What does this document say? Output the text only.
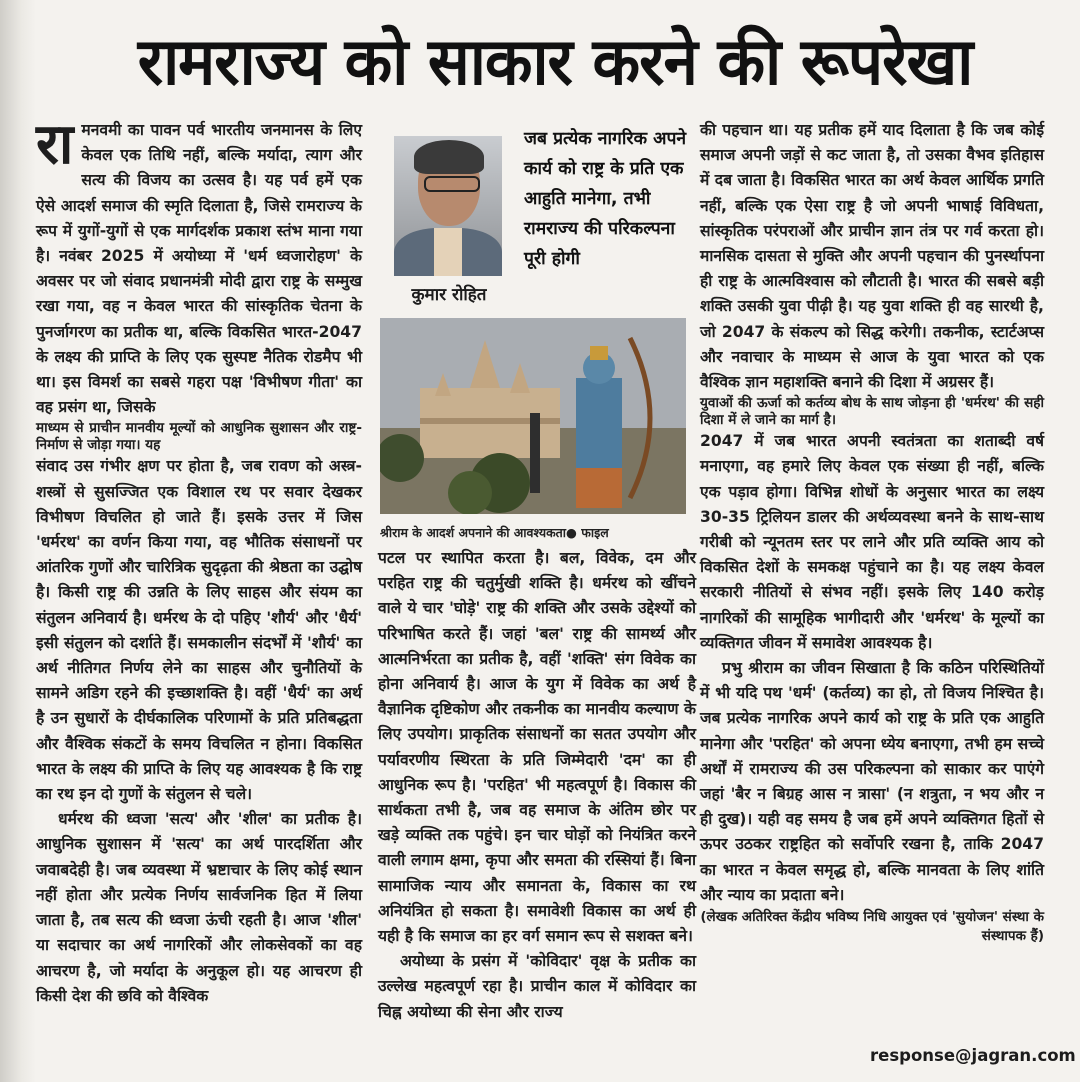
रामराज्य को साकार करने की रूपरेखा

रामनवमी का पावन पर्व भारतीय जनमानस के लिए केवल एक तिथि नहीं, बल्कि मर्यादा, त्याग और सत्य की विजय का उत्सव है। यह पर्व हमें एक ऐसे आदर्श समाज की स्मृति दिलाता है, जिसे रामराज्य के रूप में युगों-युगों से एक मार्गदर्शक प्रकाश स्तंभ माना गया है। नवंबर 2025 में अयोध्या में 'धर्म ध्वजारोहण' के अवसर पर जो संवाद प्रधानमंत्री मोदी द्वारा राष्ट्र के सम्मुख रखा गया, वह न केवल भारत की सांस्कृतिक चेतना के पुनर्जागरण का प्रतीक था, बल्कि विकसित भारत-2047 के लक्ष्य की प्राप्ति के लिए एक सुस्पष्ट नैतिक रोडमैप भी था। इस विमर्श का सबसे गहरा पक्ष 'विभीषण गीता' का वह प्रसंग था, जिसके
माध्यम से प्राचीन मानवीय मूल्यों को आधुनिक सुशासन और राष्ट्र-निर्माण से जोड़ा गया। यह
संवाद उस गंभीर क्षण पर होता है, जब रावण को अस्त्र-शस्त्रों से सुसज्जित एक विशाल रथ पर सवार देखकर विभीषण विचलित हो जाते हैं। इसके उत्तर में जिस 'धर्मरथ' का वर्णन किया गया, वह भौतिक संसाधनों पर आंतरिक गुणों और चारित्रिक सुदृढ़ता की श्रेष्ठता का उद्घोष है। किसी राष्ट्र की उन्नति के लिए साहस और संयम का संतुलन अनिवार्य है। धर्मरथ के दो पहिए 'शौर्य' और 'धैर्य' इसी संतुलन को दर्शाते हैं। समकालीन संदर्भों में 'शौर्य' का अर्थ नीतिगत निर्णय लेने का साहस और चुनौतियों के सामने अडिग रहने की इच्छाशक्ति है। वहीं 'धैर्य' का अर्थ है उन सुधारों के दीर्घकालिक परिणामों के प्रति प्रतिबद्धता और वैश्विक संकटों के समय विचलित न होना। विकसित भारत के लक्ष्य की प्राप्ति के लिए यह आवश्यक है कि राष्ट्र का रथ इन दो गुणों के संतुलन से चले।

धर्मरथ की ध्वजा 'सत्य' और 'शील' का प्रतीक है। आधुनिक सुशासन में 'सत्य' का अर्थ पारदर्शिता और जवाबदेही है। जब व्यवस्था में भ्रष्टाचार के लिए कोई स्थान नहीं होता और प्रत्येक निर्णय सार्वजनिक हित में लिया जाता है, तब सत्य की ध्वजा ऊंची रहती है। आज 'शील' या सदाचार का अर्थ नागरिकों और लोकसेवकों का वह आचरण है, जो मर्यादा के अनुकूल हो। यह आचरण ही किसी देश की छवि को वैश्विक

कुमार रोहित
जब प्रत्येक नागरिक अपने कार्य को राष्ट्र के प्रति एक आहुति मानेगा, तभी रामराज्य की परिकल्पना पूरी होगी
श्रीराम के आदर्श अपनाने की आवश्यकता● फाइल

पटल पर स्थापित करता है। बल, विवेक, दम और परहित राष्ट्र की चतुर्मुखी शक्ति है। धर्मरथ को खींचने वाले ये चार 'घोड़े' राष्ट्र की शक्ति और उसके उद्देश्यों को परिभाषित करते हैं। जहां 'बल' राष्ट्र की सामर्थ्य और आत्मनिर्भरता का प्रतीक है, वहीं 'शक्ति' संग विवेक का होना अनिवार्य है। आज के युग में विवेक का अर्थ है वैज्ञानिक दृष्टिकोण और तकनीक का मानवीय कल्याण के लिए उपयोग। प्राकृतिक संसाधनों का सतत उपयोग और पर्यावरणीय स्थिरता के प्रति जिम्मेदारी 'दम' का ही आधुनिक रूप है। 'परहित' भी महत्वपूर्ण है। विकास की सार्थकता तभी है, जब वह समाज के अंतिम छोर पर खड़े व्यक्ति तक पहुंचे। इन चार घोड़ों को नियंत्रित करने वाली लगाम क्षमा, कृपा और समता की रस्सियां हैं। बिना सामाजिक न्याय और समानता के, विकास का रथ अनियंत्रित हो सकता है। समावेशी विकास का अर्थ ही यही है कि समाज का हर वर्ग समान रूप से सशक्त बने।

अयोध्या के प्रसंग में 'कोविदार' वृक्ष के प्रतीक का उल्लेख महत्वपूर्ण रहा है। प्राचीन काल में कोविदार का चिह्न अयोध्या की सेना और राज्य

की पहचान था। यह प्रतीक हमें याद दिलाता है कि जब कोई समाज अपनी जड़ों से कट जाता है, तो उसका वैभव इतिहास में दब जाता है। विकसित भारत का अर्थ केवल आर्थिक प्रगति नहीं, बल्कि एक ऐसा राष्ट्र है जो अपनी भाषाई विविधता, सांस्कृतिक परंपराओं और प्राचीन ज्ञान तंत्र पर गर्व करता हो। मानसिक दासता से मुक्ति और अपनी पहचान की पुनर्स्थापना ही राष्ट्र के आत्मविश्वास को लौटाती है। भारत की सबसे बड़ी शक्ति उसकी युवा पीढ़ी है। यह युवा शक्ति ही वह सारथी है, जो 2047 के संकल्प को सिद्ध करेगी। तकनीक, स्टार्टअप्स और नवाचार के माध्यम से आज के युवा भारत को एक वैश्विक ज्ञान महाशक्ति बनाने की दिशा में अग्रसर हैं।
युवाओं की ऊर्जा को कर्तव्य बोध के साथ जोड़ना ही 'धर्मरथ' की सही दिशा में ले जाने का मार्ग है।
2047 में जब भारत अपनी स्वतंत्रता का शताब्दी वर्ष मनाएगा, वह हमारे लिए केवल एक संख्या ही नहीं, बल्कि एक पड़ाव होगा। विभिन्न शोधों के अनुसार भारत का लक्ष्य 30-35 ट्रिलियन डालर की अर्थव्यवस्था बनने के साथ-साथ गरीबी को न्यूनतम स्तर पर लाने और प्रति व्यक्ति आय को विकसित देशों के समकक्ष पहुंचाने का है। यह लक्ष्य केवल सरकारी नीतियों से संभव नहीं। इसके लिए 140 करोड़ नागरिकों की सामूहिक भागीदारी और 'धर्मरथ' के मूल्यों का व्यक्तिगत जीवन में समावेश आवश्यक है।

प्रभु श्रीराम का जीवन सिखाता है कि कठिन परिस्थितियों में भी यदि पथ 'धर्म' (कर्तव्य) का हो, तो विजय निश्चित है। जब प्रत्येक नागरिक अपने कार्य को राष्ट्र के प्रति एक आहुति मानेगा और 'परहित' को अपना ध्येय बनाएगा, तभी हम सच्चे अर्थों में रामराज्य की उस परिकल्पना को साकार कर पाएंगे जहां 'बैर न बिग्रह आस न त्रासा' (न शत्रुता, न भय और न ही दुख)। यही वह समय है जब हमें अपने व्यक्तिगत हितों से ऊपर उठकर राष्ट्रहित को सर्वोपरि रखना है, ताकि 2047 का भारत न केवल समृद्ध हो, बल्कि मानवता के लिए शांति और न्याय का प्रदाता बने।

(लेखक अतिरिक्त केंद्रीय भविष्य निधि आयुक्त एवं 'सुयोजन' संस्था के संस्थापक हैं)

response@jagran.com
